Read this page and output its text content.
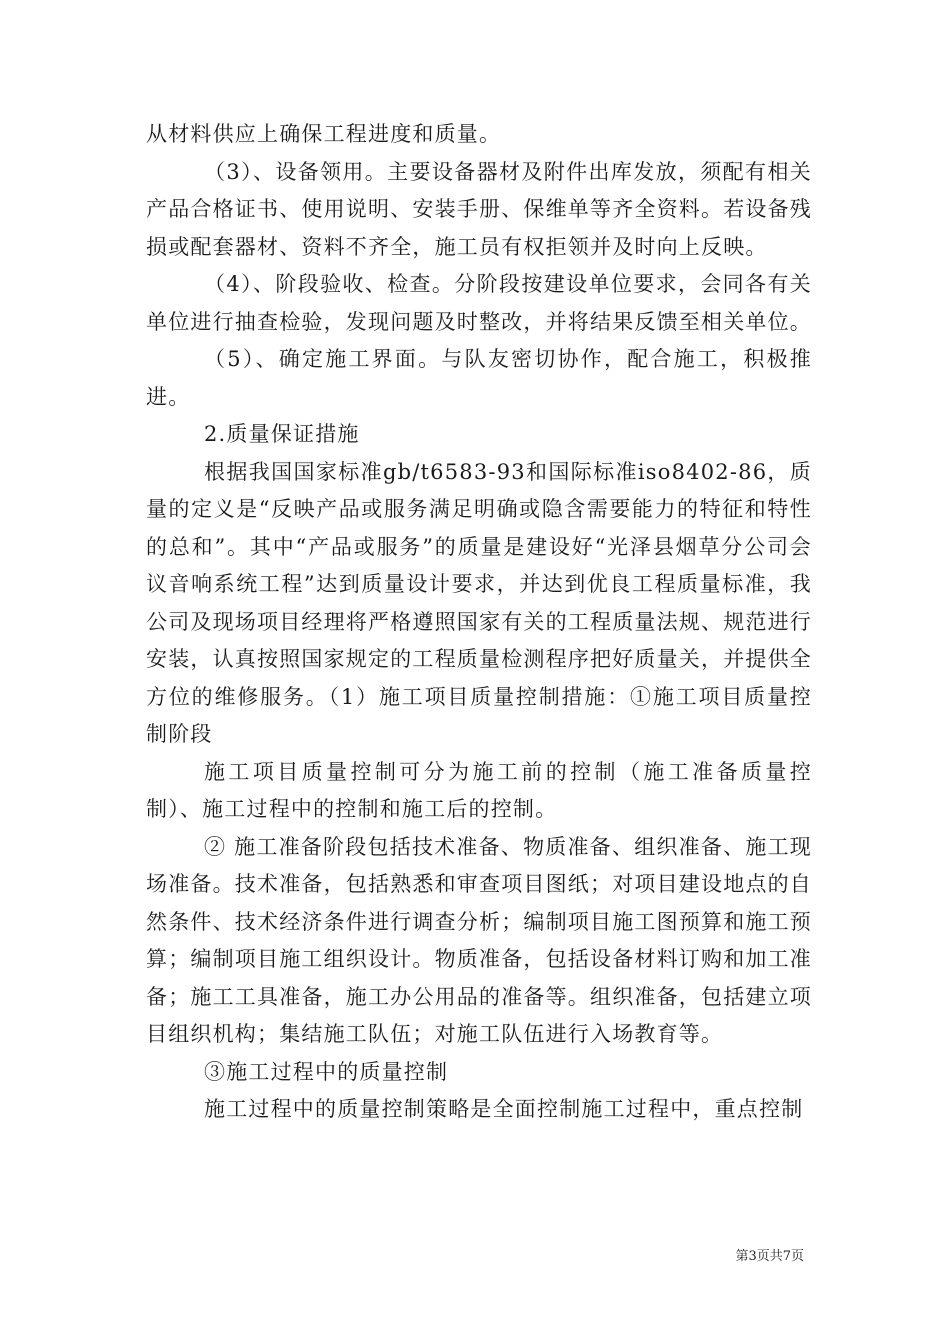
从材料供应上确保工程进度和质量。

（3）、设备领用。主要设备器材及附件出库发放，须配有相关产品合格证书、使用说明、安装手册、保维单等齐全资料。若设备残损或配套器材、资料不齐全，施工员有权拒领并及时向上反映。

（4）、阶段验收、检查。分阶段按建设单位要求，会同各有关单位进行抽查检验，发现问题及时整改，并将结果反馈至相关单位。

（5）、确定施工界面。与队友密切协作，配合施工，积极推进。

2.质量保证措施

根据我国国家标准gb/t6583-93和国际标准iso8402-86，质量的定义是“反映产品或服务满足明确或隐含需要能力的特征和特性的总和”。其中“产品或服务”的质量是建设好“光泽县烟草分公司会议音响系统工程”达到质量设计要求，并达到优良工程质量标准，我公司及现场项目经理将严格遵照国家有关的工程质量法规、规范进行安装，认真按照国家规定的工程质量检测程序把好质量关，并提供全方位的维修服务。（1）施工项目质量控制措施：①施工项目质量控制阶段

施工项目质量控制可分为施工前的控制（施工准备质量控制）、施工过程中的控制和施工后的控制。

② 施工准备阶段包括技术准备、物质准备、组织准备、施工现场准备。技术准备，包括熟悉和审查项目图纸；对项目建设地点的自然条件、技术经济条件进行调查分析；编制项目施工图预算和施工预算；编制项目施工组织设计。物质准备，包括设备材料订购和加工准备；施工工具准备，施工办公用品的准备等。组织准备，包括建立项目组织机构；集结施工队伍；对施工队伍进行入场教育等。

③施工过程中的质量控制

施工过程中的质量控制策略是全面控制施工过程中，重点控制

第3页共7页
